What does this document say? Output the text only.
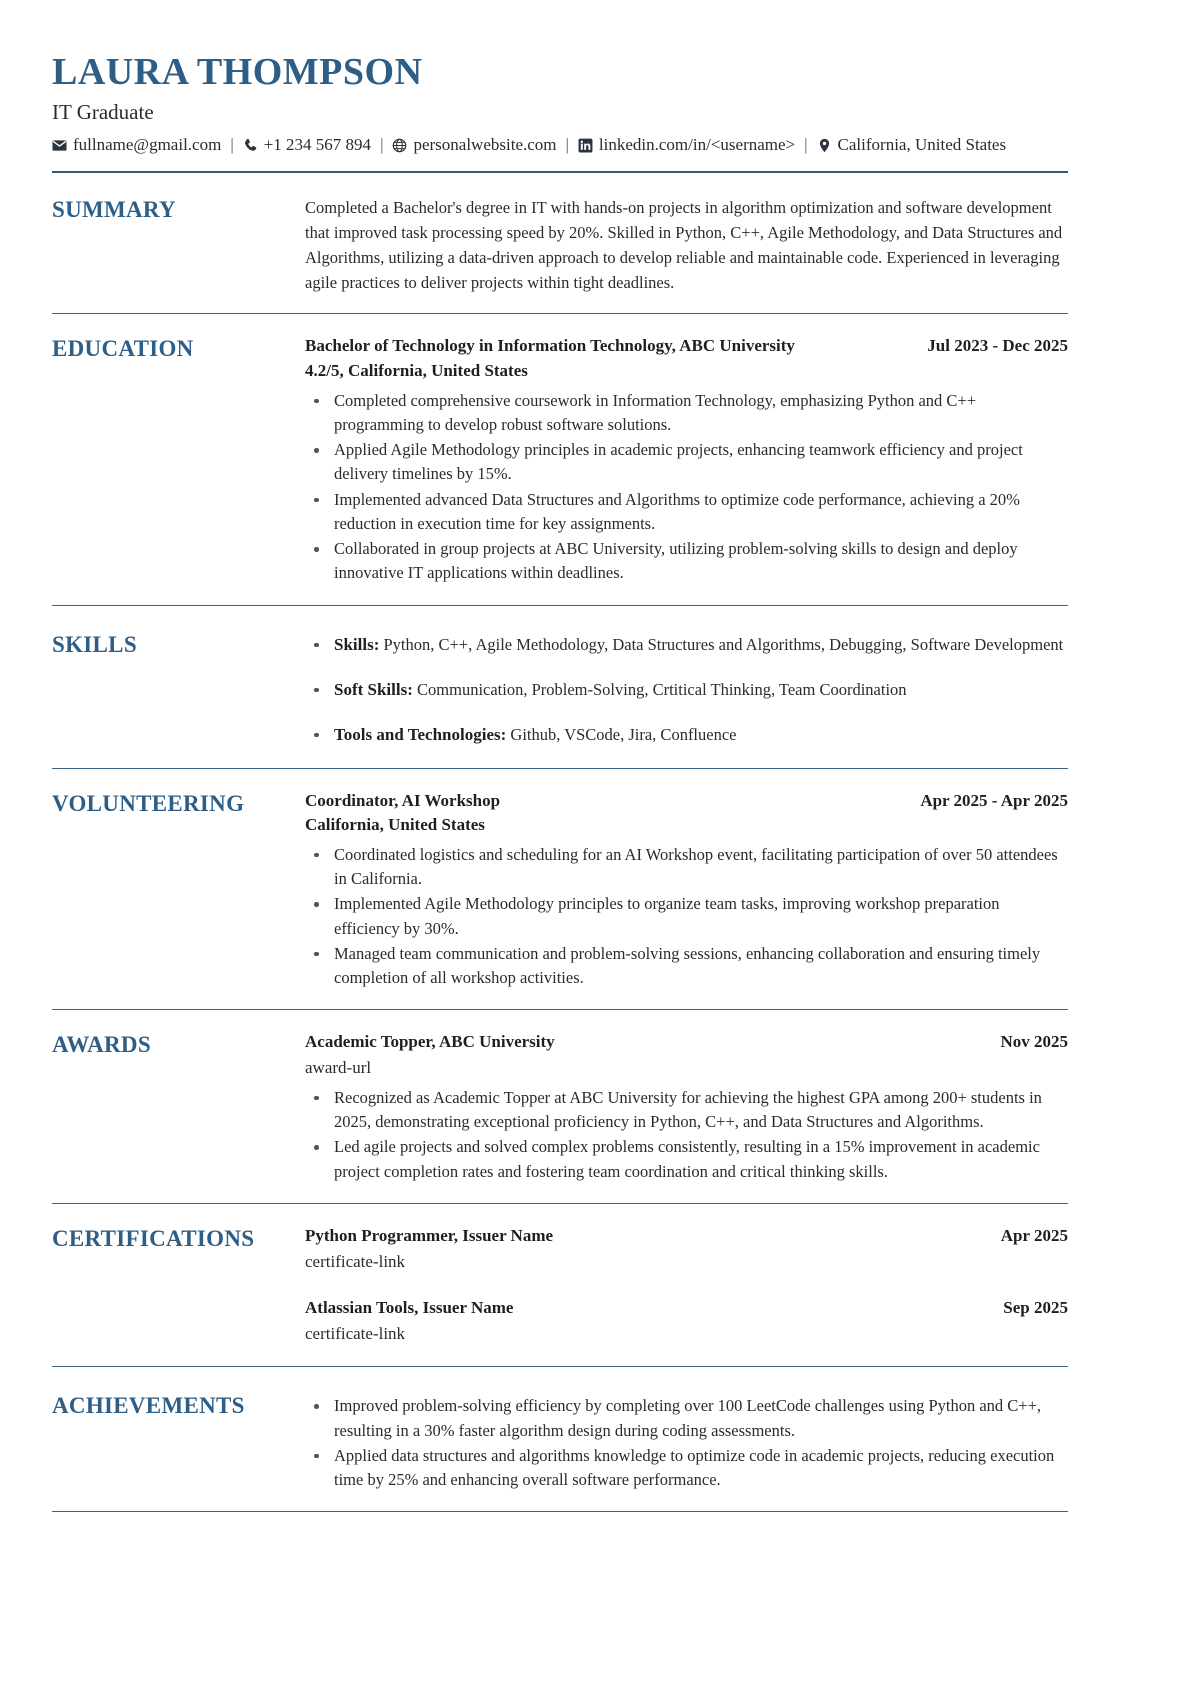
LAURA THOMPSON
IT Graduate
fullname@gmail.com |	+1 234 567 894 |	personalwebsite.com |	linkedin.com/in/<username> |	California, United States
SUMMARY	Completed a Bachelor's degree in IT with hands-on projects in algorithm optimization and software development that improved task processing speed by 20%. Skilled in Python, C++, Agile Methodology, and Data Structures and Algorithms, utilizing a data-driven approach to develop reliable and maintainable code. Experienced in leveraging agile practices to deliver projects within tight deadlines.
EDUCATION	Bachelor of Technology in Information Technology, ABC University	Jul 2023 - Dec 2025
4.2/5, California, United States
Completed comprehensive coursework in Information Technology, emphasizing Python and C++ programming to develop robust software solutions.
Applied Agile Methodology principles in academic projects, enhancing teamwork efficiency and project delivery timelines by 15%.
Implemented advanced Data Structures and Algorithms to optimize code performance, achieving a 20% reduction in execution time for key assignments.
Collaborated in group projects at ABC University, utilizing problem-solving skills to design and deploy innovative IT applications within deadlines.
SKILLS	Skills: Python, C++, Agile Methodology, Data Structures and Algorithms, Debugging, Software Development
Soft Skills: Communication, Problem-Solving, Crtitical Thinking, Team Coordination
Tools and Technologies: Github, VSCode, Jira, Confluence
VOLUNTEERING	Coordinator, AI Workshop	Apr 2025 - Apr 2025
California, United States
Coordinated logistics and scheduling for an AI Workshop event, facilitating participation of over 50 attendees in California.
Implemented Agile Methodology principles to organize team tasks, improving workshop preparation efficiency by 30%.
Managed team communication and problem-solving sessions, enhancing collaboration and ensuring timely completion of all workshop activities.
AWARDS	Academic Topper, ABC University	Nov 2025
award-url
Recognized as Academic Topper at ABC University for achieving the highest GPA among 200+ students in 2025, demonstrating exceptional proficiency in Python, C++, and Data Structures and Algorithms.
Led agile projects and solved complex problems consistently, resulting in a 15% improvement in academic project completion rates and fostering team coordination and critical thinking skills.
CERTIFICATIONS	Python Programmer, Issuer Name	Apr 2025
certificate-link
Atlassian Tools, Issuer Name	Sep 2025
certificate-link
ACHIEVEMENTS	Improved problem-solving efficiency by completing over 100 LeetCode challenges using Python and C++, resulting in a 30% faster algorithm design during coding assessments.
Applied data structures and algorithms knowledge to optimize code in academic projects, reducing execution time by 25% and enhancing overall software performance.
